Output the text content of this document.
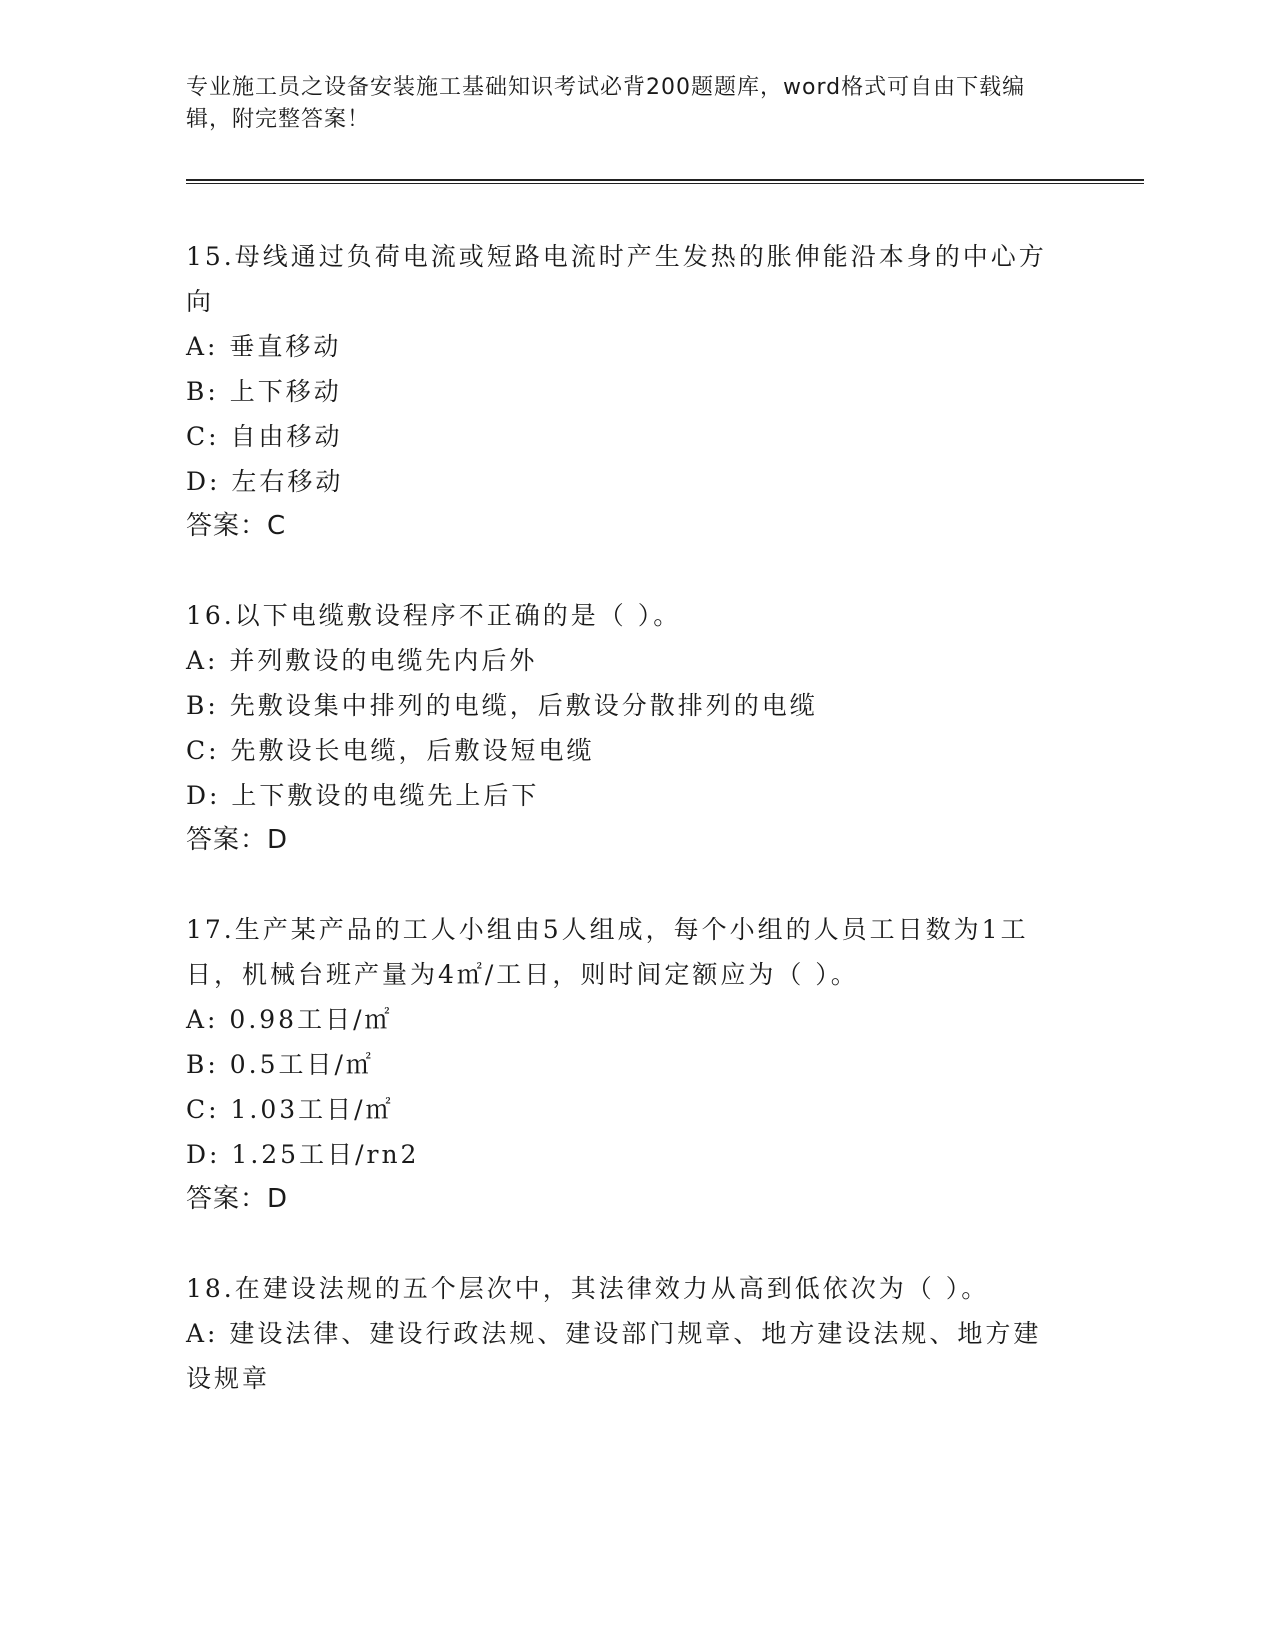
专业施工员之设备安装施工基础知识考试必背200题题库，word格式可自由下载编辑，附完整答案！

15.母线通过负荷电流或短路电流时产生发热的胀伸能沿本身的中心方向

A: 垂直移动

B: 上下移动

C: 自由移动

D: 左右移动

答案：C

16.以下电缆敷设程序不正确的是（ ）。

A: 并列敷设的电缆先内后外

B: 先敷设集中排列的电缆，后敷设分散排列的电缆

C: 先敷设长电缆，后敷设短电缆

D: 上下敷设的电缆先上后下

答案：D

17.生产某产品的工人小组由5人组成，每个小组的人员工日数为1工日，机械台班产量为4㎡/工日，则时间定额应为（ ）。

A: 0.98工日/㎡

B: 0.5工日/㎡

C: 1.03工日/㎡

D: 1.25工日/rn2

答案：D

18.在建设法规的五个层次中，其法律效力从高到低依次为（ ）。

A: 建设法律、建设行政法规、建设部门规章、地方建设法规、地方建设规章
